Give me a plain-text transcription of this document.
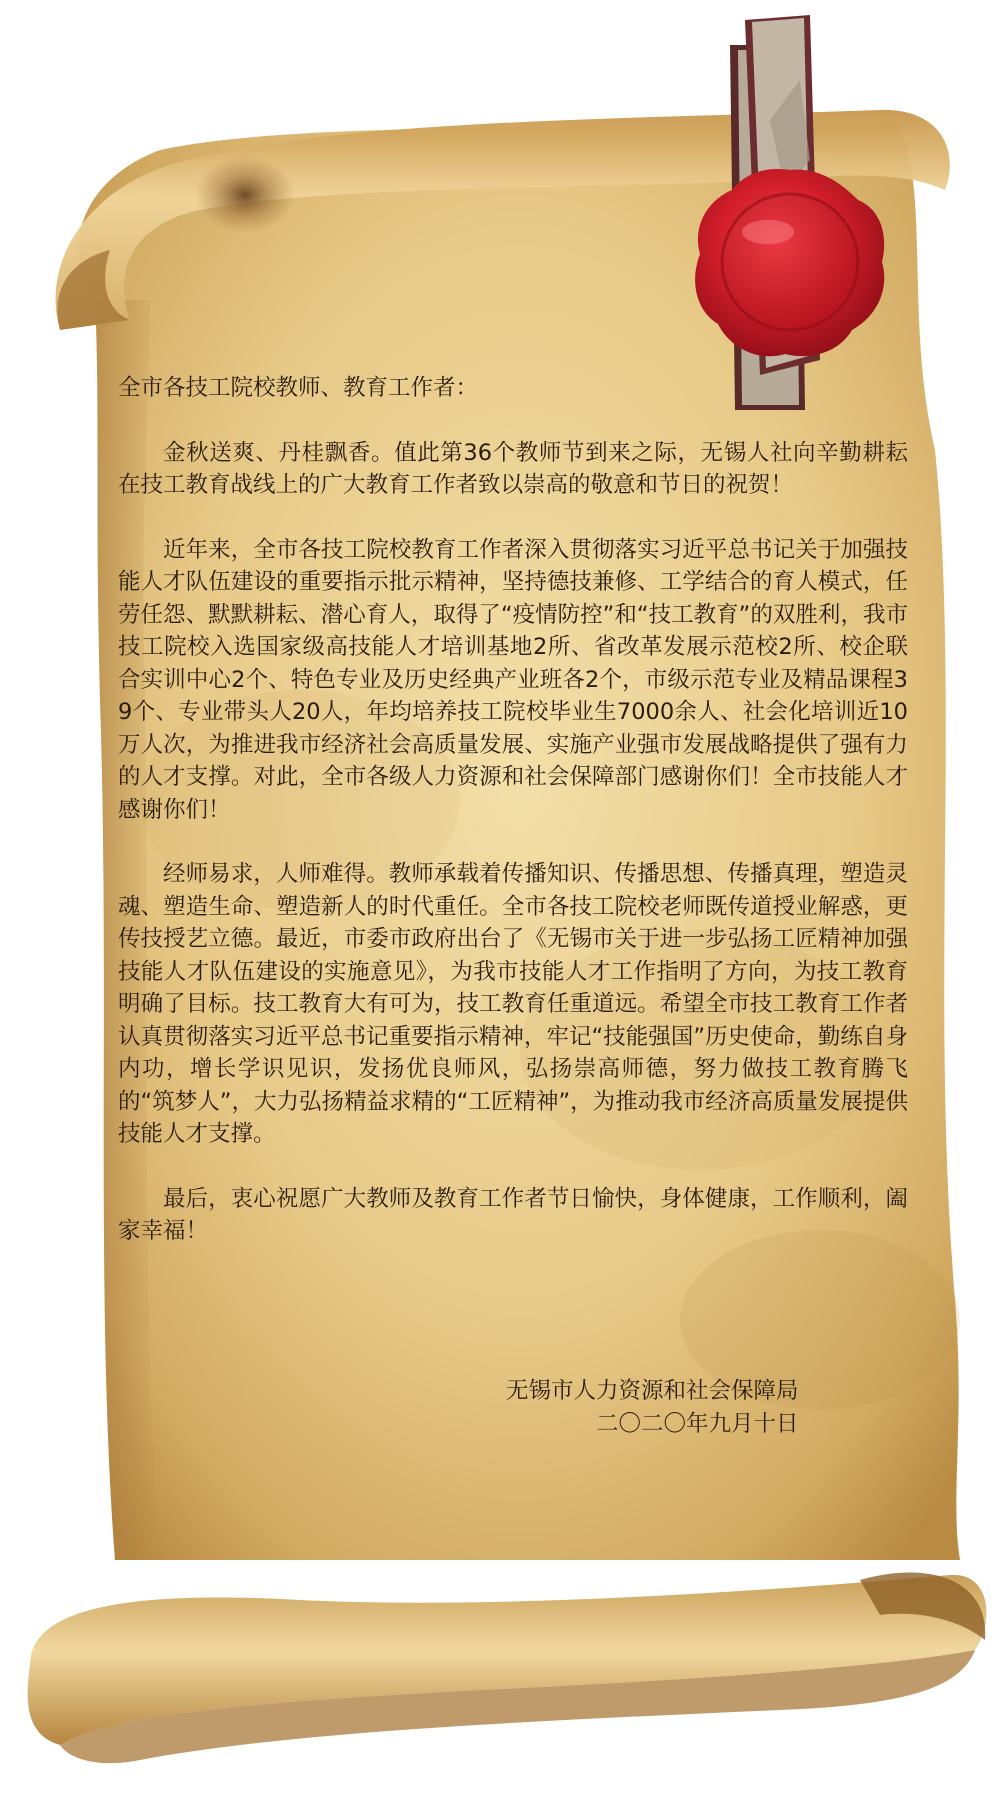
全市各技工院校教师、教育工作者：

金秋送爽、丹桂飘香。值此第36个教师节到来之际，无锡人社向辛勤耕耘在技工教育战线上的广大教育工作者致以崇高的敬意和节日的祝贺！

近年来，全市各技工院校教育工作者深入贯彻落实习近平总书记关于加强技能人才队伍建设的重要指示批示精神，坚持德技兼修、工学结合的育人模式，任劳任怨、默默耕耘、潜心育人，取得了“疫情防控”和“技工教育”的双胜利，我市技工院校入选国家级高技能人才培训基地2所、省改革发展示范校2所、校企联合实训中心2个、特色专业及历史经典产业班各2个，市级示范专业及精品课程39个、专业带头人20人，年均培养技工院校毕业生7000余人、社会化培训近10万人次，为推进我市经济社会高质量发展、实施产业强市发展战略提供了强有力的人才支撑。对此，全市各级人力资源和社会保障部门感谢你们！全市技能人才感谢你们！

经师易求，人师难得。教师承载着传播知识、传播思想、传播真理，塑造灵魂、塑造生命、塑造新人的时代重任。全市各技工院校老师既传道授业解惑，更传技授艺立德。最近，市委市政府出台了《无锡市关于进一步弘扬工匠精神加强技能人才队伍建设的实施意见》，为我市技能人才工作指明了方向，为技工教育明确了目标。技工教育大有可为，技工教育任重道远。希望全市技工教育工作者认真贯彻落实习近平总书记重要指示精神，牢记“技能强国”历史使命，勤练自身内功，增长学识见识，发扬优良师风，弘扬崇高师德，努力做技工教育腾飞的“筑梦人”，大力弘扬精益求精的“工匠精神”，为推动我市经济高质量发展提供技能人才支撑。

最后，衷心祝愿广大教师及教育工作者节日愉快，身体健康，工作顺利，阖家幸福！

无锡市人力资源和社会保障局
二〇二〇年九月十日
